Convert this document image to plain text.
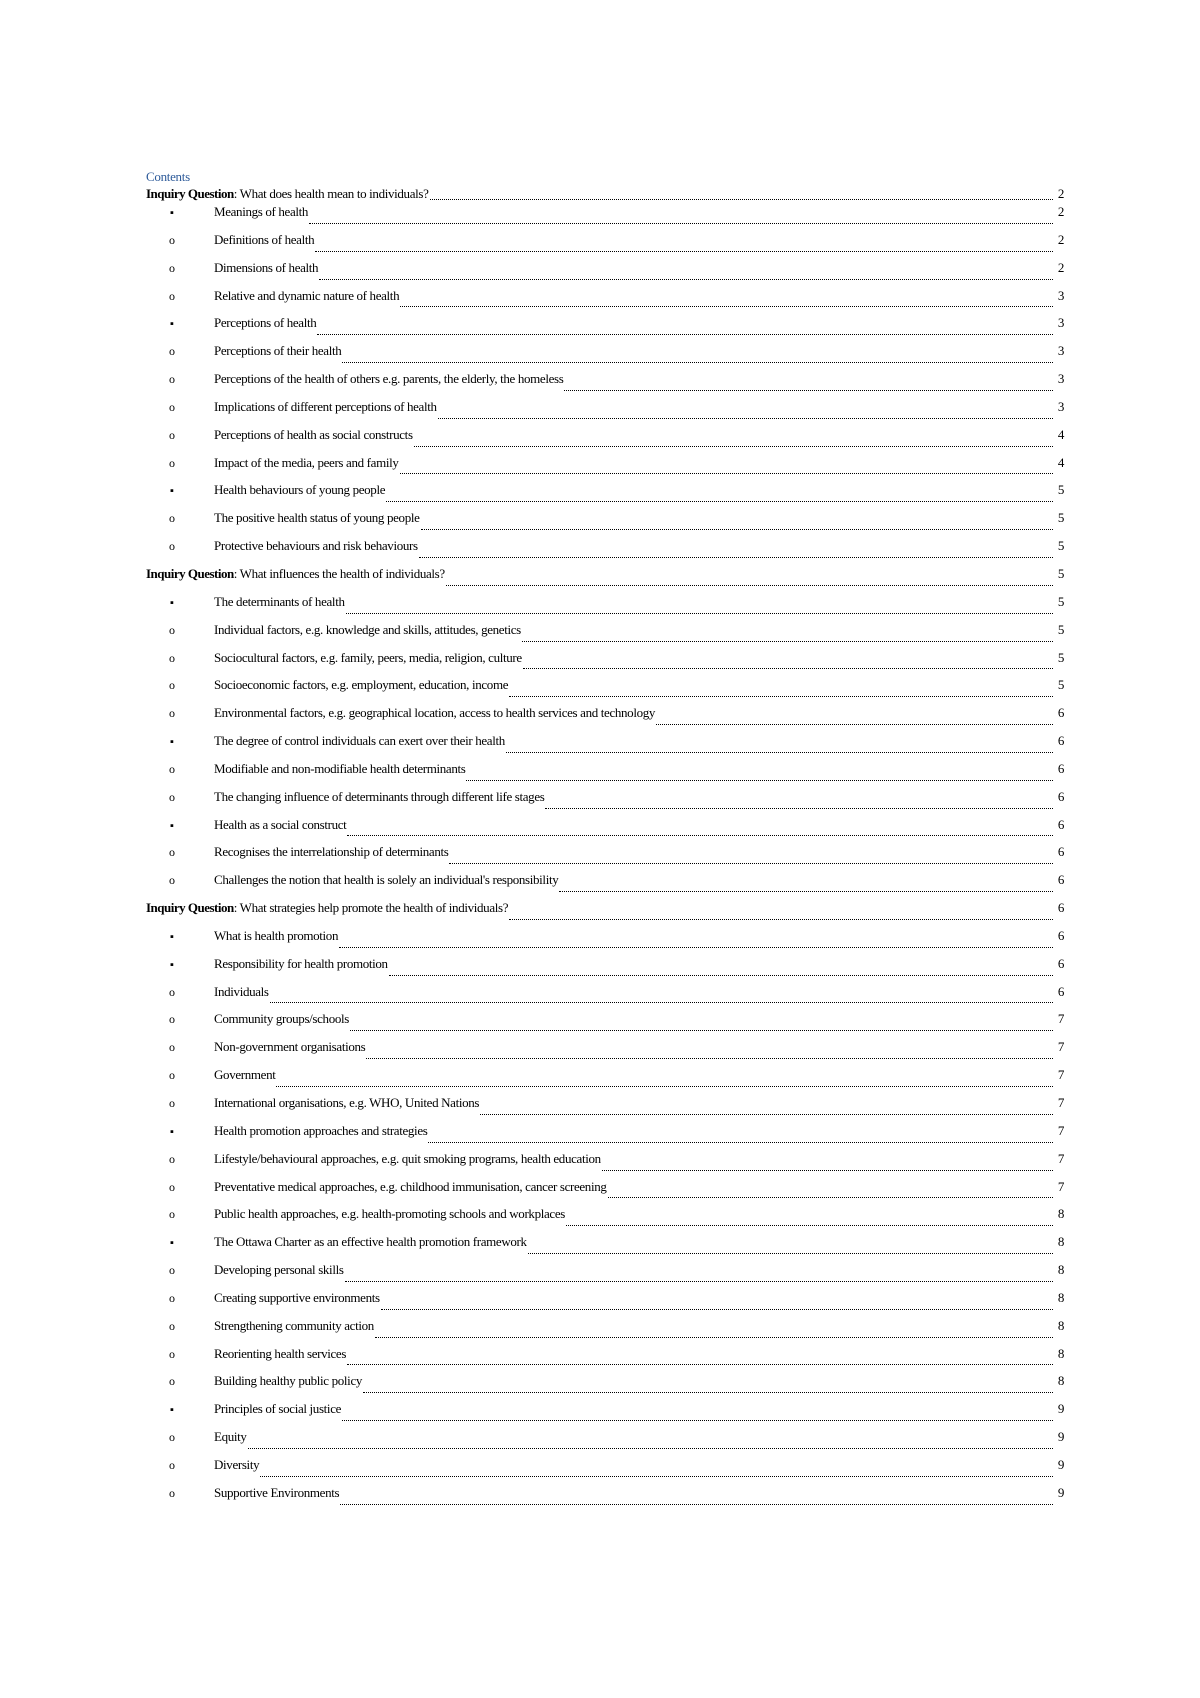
Contents
Inquiry Question: What does health mean to individuals?	2
▪	Meanings of health	2
o	Definitions of health	2
o	Dimensions of health	2
o	Relative and dynamic nature of health	3
▪	Perceptions of health	3
o	Perceptions of their health	3
o	Perceptions of the health of others e.g. parents, the elderly, the homeless	3
o	Implications of different perceptions of health	3
o	Perceptions of health as social constructs	4
o	Impact of the media, peers and family	4
▪	Health behaviours of young people	5
o	The positive health status of young people	5
o	Protective behaviours and risk behaviours	5
Inquiry Question: What influences the health of individuals?	5
▪	The determinants of health	5
o	Individual factors, e.g. knowledge and skills, attitudes, genetics	5
o	Sociocultural factors, e.g. family, peers, media, religion, culture	5
o	Socioeconomic factors, e.g. employment, education, income	5
o	Environmental factors, e.g. geographical location, access to health services and technology	6
▪	The degree of control individuals can exert over their health	6
o	Modifiable and non-modifiable health determinants	6
o	The changing influence of determinants through different life stages	6
▪	Health as a social construct	6
o	Recognises the interrelationship of determinants	6
o	Challenges the notion that health is solely an individual's responsibility	6
Inquiry Question: What strategies help promote the health of individuals?	6
▪	What is health promotion	6
▪	Responsibility for health promotion	6
o	Individuals	6
o	Community groups/schools	7
o	Non-government organisations	7
o	Government	7
o	International organisations, e.g. WHO, United Nations	7
▪	Health promotion approaches and strategies	7
o	Lifestyle/behavioural approaches, e.g. quit smoking programs, health education	7
o	Preventative medical approaches, e.g. childhood immunisation, cancer screening	7
o	Public health approaches, e.g. health-promoting schools and workplaces	8
▪	The Ottawa Charter as an effective health promotion framework	8
o	Developing personal skills	8
o	Creating supportive environments	8
o	Strengthening community action	8
o	Reorienting health services	8
o	Building healthy public policy	8
▪	Principles of social justice	9
o	Equity	9
o	Diversity	9
o	Supportive Environments	9
